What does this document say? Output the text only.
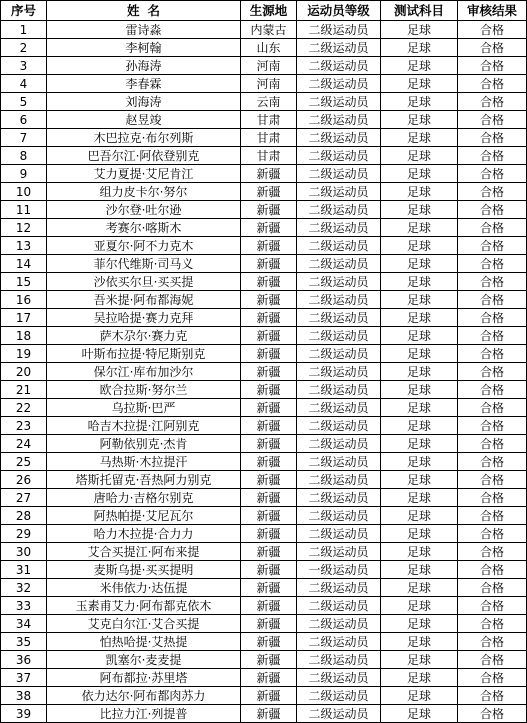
序号	姓名	生源地	运动员等级	测试科目	审核结果
1	雷诗淼	内蒙古	二级运动员	足球	合格
2	李柯翰	山东	二级运动员	足球	合格
3	孙海涛	河南	二级运动员	足球	合格
4	李春霖	河南	二级运动员	足球	合格
5	刘海涛	云南	二级运动员	足球	合格
6	赵昱竣	甘肃	二级运动员	足球	合格
7	木巴拉克·布尔列斯	甘肃	二级运动员	足球	合格
8	巴吾尔江·阿依登别克	甘肃	二级运动员	足球	合格
9	艾力夏提·艾尼肯江	新疆	二级运动员	足球	合格
10	组力皮卡尔·努尔	新疆	二级运动员	足球	合格
11	沙尔登·吐尔逊	新疆	二级运动员	足球	合格
12	考赛尔·喀斯木	新疆	二级运动员	足球	合格
13	亚夏尔·阿不力克木	新疆	二级运动员	足球	合格
14	菲尔代维斯·司马义	新疆	二级运动员	足球	合格
15	沙依买尔旦·买买提	新疆	二级运动员	足球	合格
16	吾米提·阿布都海妮	新疆	二级运动员	足球	合格
17	吴拉哈提·赛力克拜	新疆	二级运动员	足球	合格
18	萨木尕尔·赛力克	新疆	二级运动员	足球	合格
19	叶斯布拉提·特尼斯别克	新疆	二级运动员	足球	合格
20	保尔江·库布加沙尔	新疆	二级运动员	足球	合格
21	欧合拉斯·努尔兰	新疆	二级运动员	足球	合格
22	乌拉斯·巴严	新疆	二级运动员	足球	合格
23	哈吉木拉提·江阿别克	新疆	二级运动员	足球	合格
24	阿勒依别克·杰肯	新疆	二级运动员	足球	合格
25	马热斯·木拉提汗	新疆	二级运动员	足球	合格
26	塔斯托留克·吾热阿力别克	新疆	二级运动员	足球	合格
27	唐哈力·吉格尔别克	新疆	二级运动员	足球	合格
28	阿热帕提·艾尼瓦尔	新疆	二级运动员	足球	合格
29	哈力木拉提·合力力	新疆	二级运动员	足球	合格
30	艾合买提江·阿布来提	新疆	二级运动员	足球	合格
31	麦斯乌提·买买提明	新疆	一级运动员	足球	合格
32	米伟依力·达伍提	新疆	二级运动员	足球	合格
33	玉素甫艾力·阿布都克依木	新疆	二级运动员	足球	合格
34	艾克白尔江·艾合买提	新疆	二级运动员	足球	合格
35	怕热哈提·艾热提	新疆	二级运动员	足球	合格
36	凯塞尔·麦麦提	新疆	二级运动员	足球	合格
37	阿布都拉·苏里塔	新疆	二级运动员	足球	合格
38	依力达尔·阿布都肉苏力	新疆	二级运动员	足球	合格
39	比拉力江·列提普	新疆	二级运动员	足球	合格
